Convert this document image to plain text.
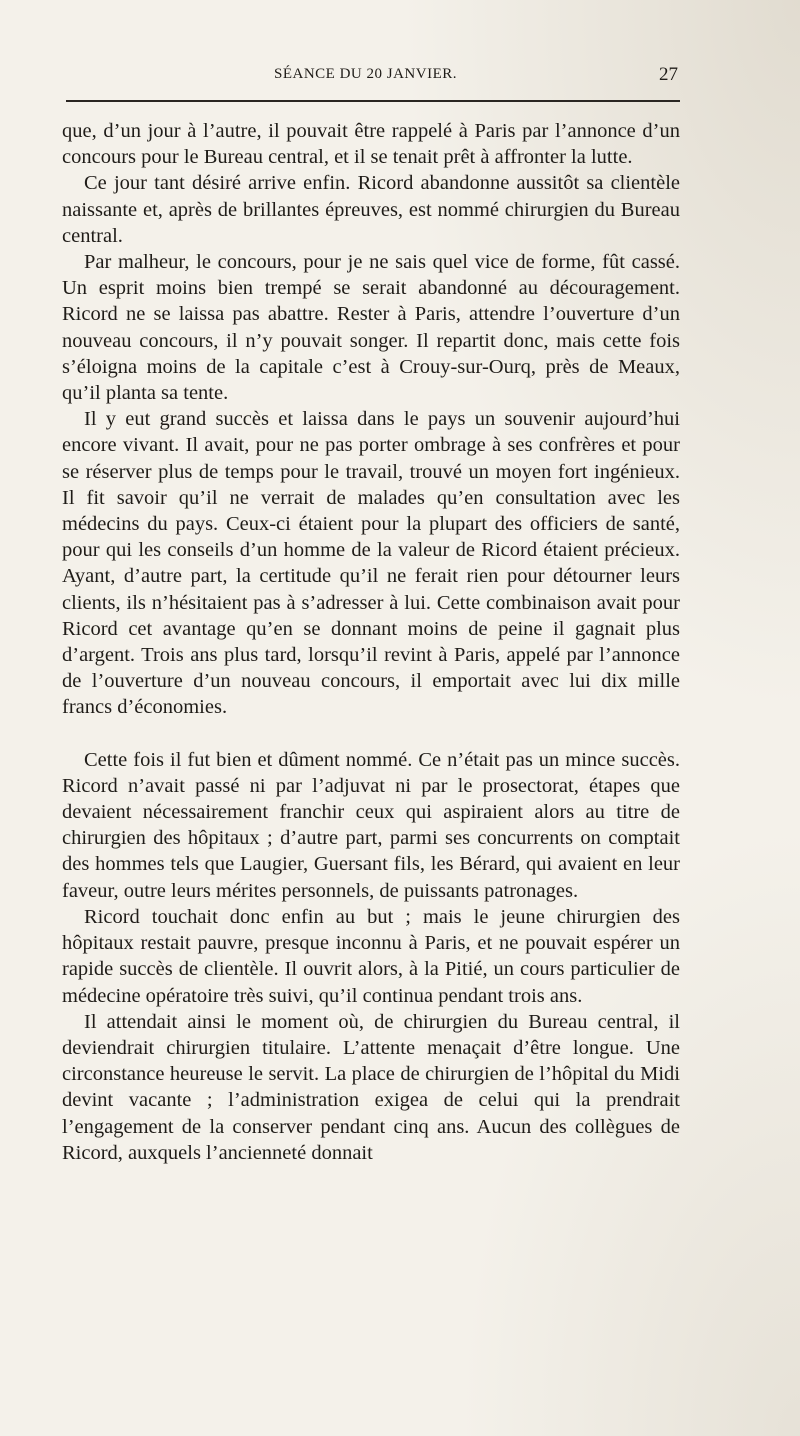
SÉANCE DU 20 JANVIER.	27

que, d’un jour à l’autre, il pouvait être rappelé à Paris par l’annonce d’un concours pour le Bureau central, et il se tenait prêt à affronter la lutte.

Ce jour tant désiré arrive enfin. Ricord abandonne aussitôt sa clientèle naissante et, après de brillantes épreuves, est nommé chirurgien du Bureau central.

Par malheur, le concours, pour je ne sais quel vice de forme, fût cassé. Un esprit moins bien trempé se serait abandonné au découragement. Ricord ne se laissa pas abattre. Rester à Paris, attendre l’ouverture d’un nouveau concours, il n’y pouvait songer. Il repartit donc, mais cette fois s’éloigna moins de la capitale c’est à Crouy-sur-Ourq, près de Meaux, qu’il planta sa tente.

Il y eut grand succès et laissa dans le pays un souvenir aujourd’hui encore vivant. Il avait, pour ne pas porter ombrage à ses confrères et pour se réserver plus de temps pour le travail, trouvé un moyen fort ingénieux. Il fit savoir qu’il ne verrait de malades qu’en consultation avec les médecins du pays. Ceux-ci étaient pour la plupart des officiers de santé, pour qui les conseils d’un homme de la valeur de Ricord étaient précieux. Ayant, d’autre part, la certitude qu’il ne ferait rien pour détourner leurs clients, ils n’hésitaient pas à s’adresser à lui. Cette combinaison avait pour Ricord cet avantage qu’en se donnant moins de peine il gagnait plus d’argent. Trois ans plus tard, lorsqu’il revint à Paris, appelé par l’annonce de l’ouverture d’un nouveau concours, il emportait avec lui dix mille francs d’économies.

Cette fois il fut bien et dûment nommé. Ce n’était pas un mince succès. Ricord n’avait passé ni par l’adjuvat ni par le prosectorat, étapes que devaient nécessairement franchir ceux qui aspiraient alors au titre de chirurgien des hôpitaux ; d’autre part, parmi ses concurrents on comptait des hommes tels que Laugier, Guersant fils, les Bérard, qui avaient en leur faveur, outre leurs mérites personnels, de puissants patronages.

Ricord touchait donc enfin au but ; mais le jeune chirurgien des hôpitaux restait pauvre, presque inconnu à Paris, et ne pouvait espérer un rapide succès de clientèle. Il ouvrit alors, à la Pitié, un cours particulier de médecine opératoire très suivi, qu’il continua pendant trois ans.

Il attendait ainsi le moment où, de chirurgien du Bureau central, il deviendrait chirurgien titulaire. L’attente menaçait d’être longue. Une circonstance heureuse le servit. La place de chirurgien de l’hôpital du Midi devint vacante ; l’administration exigea de celui qui la prendrait l’engagement de la conserver pendant cinq ans. Aucun des collègues de Ricord, auxquels l’ancienneté donnait
